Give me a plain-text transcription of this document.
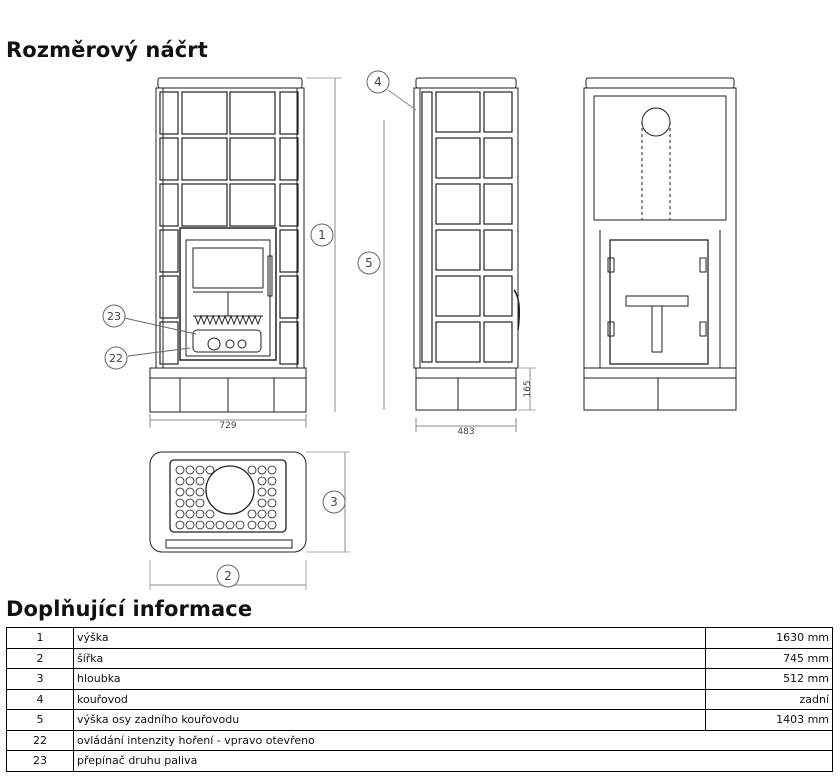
Rozměrový náčrt
1
2
3
4
5
22
23
729
483
165
Doplňující informace
1	výška	1630 mm
2	šířka	745 mm
3	hloubka	512 mm
4	kouřovod	zadní
5	výška osy zadního kouřovodu	1403 mm
22	ovládání intenzity hoření - vpravo otevřeno	
23	přepínač druhu paliva	
